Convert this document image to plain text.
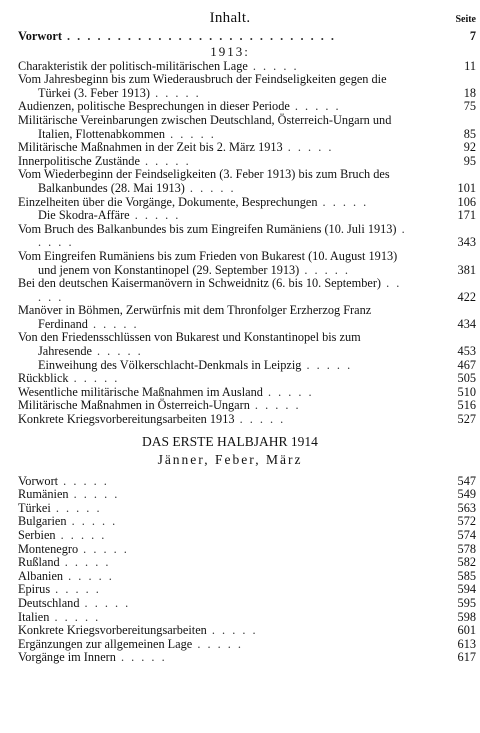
Inhalt.	Seite
Vorwort . . . . . . . . . . . . . . . . . . . . . . . . . . .	7
1913:
Charakteristik der politisch-militärischen Lage . . . . .	11
Vom Jahresbeginn bis zum Wiederausbruch der Feindseligkeiten gegen die Türkei (3. Feber 1913) . . . . .	18
Audienzen, politische Besprechungen in dieser Periode . . . . .	75
Militärische Vereinbarungen zwischen Deutschland, Österreich-Ungarn und Italien, Flottenabkommen . . . . .	85
Militärische Maßnahmen in der Zeit bis 2. März 1913 . . . . .	92
Innerpolitische Zustände . . . . .	95
Vom Wiederbeginn der Feindseligkeiten (3. Feber 1913) bis zum Bruch des Balkanbundes (28. Mai 1913) . . . . .	101
Einzelheiten über die Vorgänge, Dokumente, Besprechungen . . . . .	106
Die Skodra-Affäre . . . . .	171
Vom Bruch des Balkanbundes bis zum Eingreifen Rumäniens (10. Juli 1913) . . . . .	343
Vom Eingreifen Rumäniens bis zum Frieden von Bukarest (10. August 1913) und jenem von Konstantinopel (29. September 1913) . . . . .	381
Bei den deutschen Kaisermanövern in Schweidnitz (6. bis 10. September) . . . . .	422
Manöver in Böhmen, Zerwürfnis mit dem Thronfolger Erzherzog Franz Ferdinand . . . . .	434
Von den Friedensschlüssen von Bukarest und Konstantinopel bis zum Jahresende . . . . .	453
Einweihung des Völkerschlacht-Denkmals in Leipzig . . . . .	467
Rückblick . . . . .	505
Wesentliche militärische Maßnahmen im Ausland . . . . .	510
Militärische Maßnahmen in Österreich-Ungarn . . . . .	516
Konkrete Kriegsvorbereitungsarbeiten 1913 . . . . .	527
DAS ERSTE HALBJAHR 1914
Jänner, Feber, März
Vorwort . . . . .	547
Rumänien . . . . .	549
Türkei . . . . .	563
Bulgarien . . . . .	572
Serbien . . . . .	574
Montenegro . . . . .	578
Rußland . . . . .	582
Albanien . . . . .	585
Epirus . . . . .	594
Deutschland . . . . .	595
Italien . . . . .	598
Konkrete Kriegsvorbereitungsarbeiten . . . . .	601
Ergänzungen zur allgemeinen Lage . . . . .	613
Vorgänge im Innern . . . . .	617
